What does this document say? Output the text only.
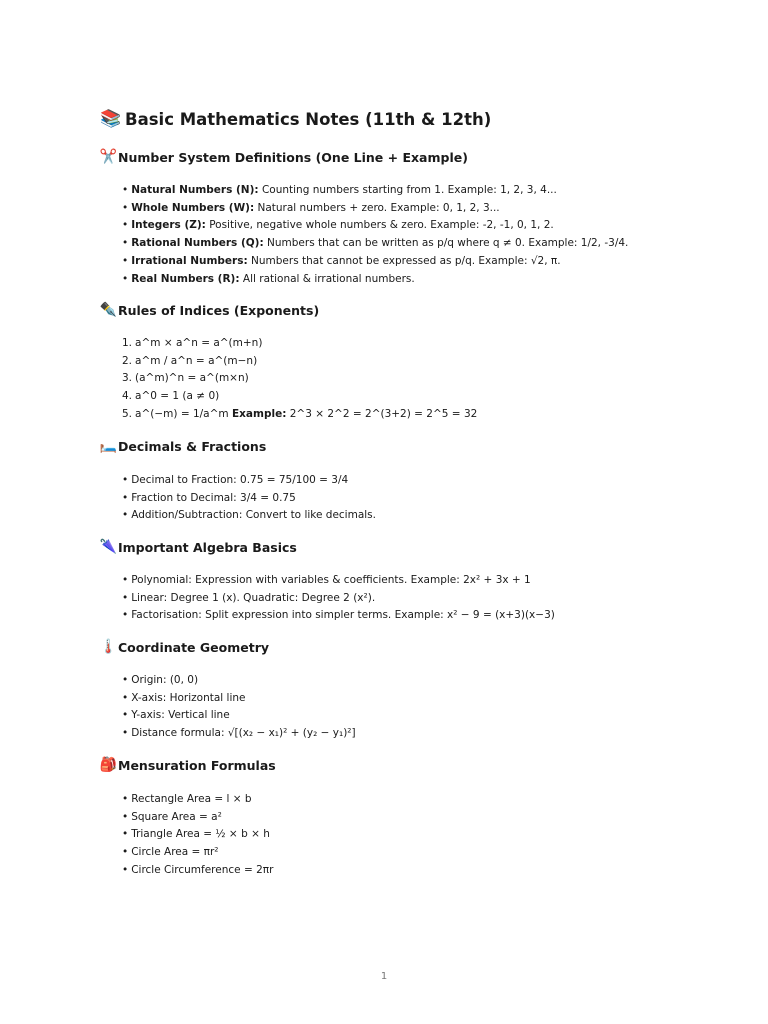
📚 Basic Mathematics Notes (11th & 12th)
✂️ Number System Definitions (One Line + Example)
• Natural Numbers (N): Counting numbers starting from 1. Example: 1, 2, 3, 4...
• Whole Numbers (W): Natural numbers + zero. Example: 0, 1, 2, 3...
• Integers (Z): Positive, negative whole numbers & zero. Example: -2, -1, 0, 1, 2.
• Rational Numbers (Q): Numbers that can be written as p/q where q ≠ 0. Example: 1/2, -3/4.
• Irrational Numbers: Numbers that cannot be expressed as p/q. Example: √2, π.
• Real Numbers (R): All rational & irrational numbers.
✒️ Rules of Indices (Exponents)
1. a^m × a^n = a^(m+n)
2. a^m / a^n = a^(m−n)
3. (a^m)^n = a^(m×n)
4. a^0 = 1 (a ≠ 0)
5. a^(−m) = 1/a^m Example: 2^3 × 2^2 = 2^(3+2) = 2^5 = 32
🛏️ Decimals & Fractions
• Decimal to Fraction: 0.75 = 75/100 = 3/4
• Fraction to Decimal: 3/4 = 0.75
• Addition/Subtraction: Convert to like decimals.
🌂 Important Algebra Basics
• Polynomial: Expression with variables & coefficients. Example: 2x² + 3x + 1
• Linear: Degree 1 (x). Quadratic: Degree 2 (x²).
• Factorisation: Split expression into simpler terms. Example: x² − 9 = (x+3)(x−3)
🌡️ Coordinate Geometry
• Origin: (0, 0)
• X-axis: Horizontal line
• Y-axis: Vertical line
• Distance formula: √[(x₂ − x₁)² + (y₂ − y₁)²]
🎒 Mensuration Formulas
• Rectangle Area = l × b
• Square Area = a²
• Triangle Area = ½ × b × h
• Circle Area = πr²
• Circle Circumference = 2πr
1
